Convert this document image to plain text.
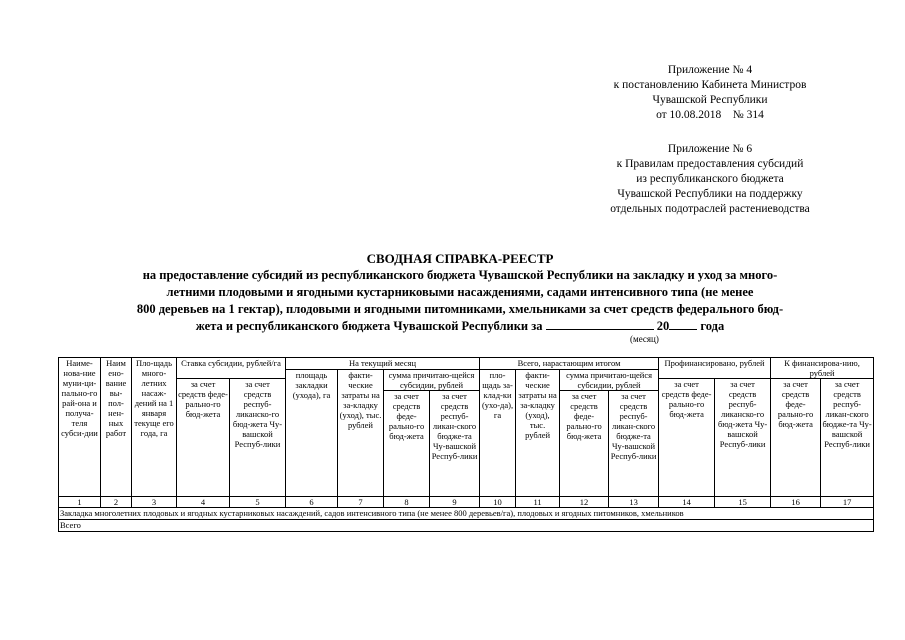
Приложение № 4
к постановлению Кабинета Министров
Чувашской Республики
от 10.08.2018    № 314
Приложение № 6
к Правилам предоставления субсидий
из республиканского бюджета
Чувашской Республики на поддержку
отдельных подотраслей растениеводства
СВОДНАЯ СПРАВКА-РЕЕСТР
на предоставление субсидий из республиканского бюджета Чувашской Республики на закладку и уход за много-
летними плодовыми и ягодными кустарниковыми насаждениями, садами интенсивного типа (не менее
800 деревьев на 1 гектар), плодовыми и ягодными питомниками, хмельниками за счет средств федерального бюд-
жета и республиканского бюджета Чувашской Республики за	20 года
(месяц)
Наиме-нова-ние муни-ци-пально-го рай-она и получа-теля субси-дии	Наим ено-вание вы-пол-нен-ных работ	Пло-щадь много-летних насаж-дений на 1 января текуще его года, га	Ставка субсидии, рублей/га		На текущий месяц				Всего, нарастающим итогом				Профинансировано, рублей		К финансирова-нию, рублей	
					площадь закладки (ухода), га	факти-ческие затраты на за-кладку (уход), тыс. рублей	сумма причитаю-щейся субсидии, рублей		пло-щадь за-клад-ки (ухо-да), га	факти-ческие затраты на за-кладку (уход), тыс. рублей	сумма причитаю-щейся субсидии, рублей					
			за счет средств феде-рально-го бюд-жета	за счет средств респуб-ликанско-го бюд-жета Чу-вашской Респуб-лики									за счет средств феде-рально-го бюд-жета	за счет средств респуб-ликанско-го бюд-жета Чу-вашской Респуб-лики	за счет средств феде-рально-го бюд-жета	за счет средств респуб-ликан-ского бюдже-та Чу-вашской Респуб-лики
							за счет средств феде-рально-го бюд-жета	за счет средств респуб-ликан-ского бюдже-та Чу-вашской Респуб-лики			за счет средств феде-рально-го бюд-жета	за счет средств респуб-ликан-ского бюдже-та Чу-вашской Респуб-лики				
1	2	3	4	5	6	7	8	9	10	11	12	13	14	15	16	17
Закладка многолетних плодовых и ягодных кустарниковых насаждений, садов интенсивного типа (не менее 800 деревьев/га), плодовых и ягодных питомников, хмельников																
Всего																
